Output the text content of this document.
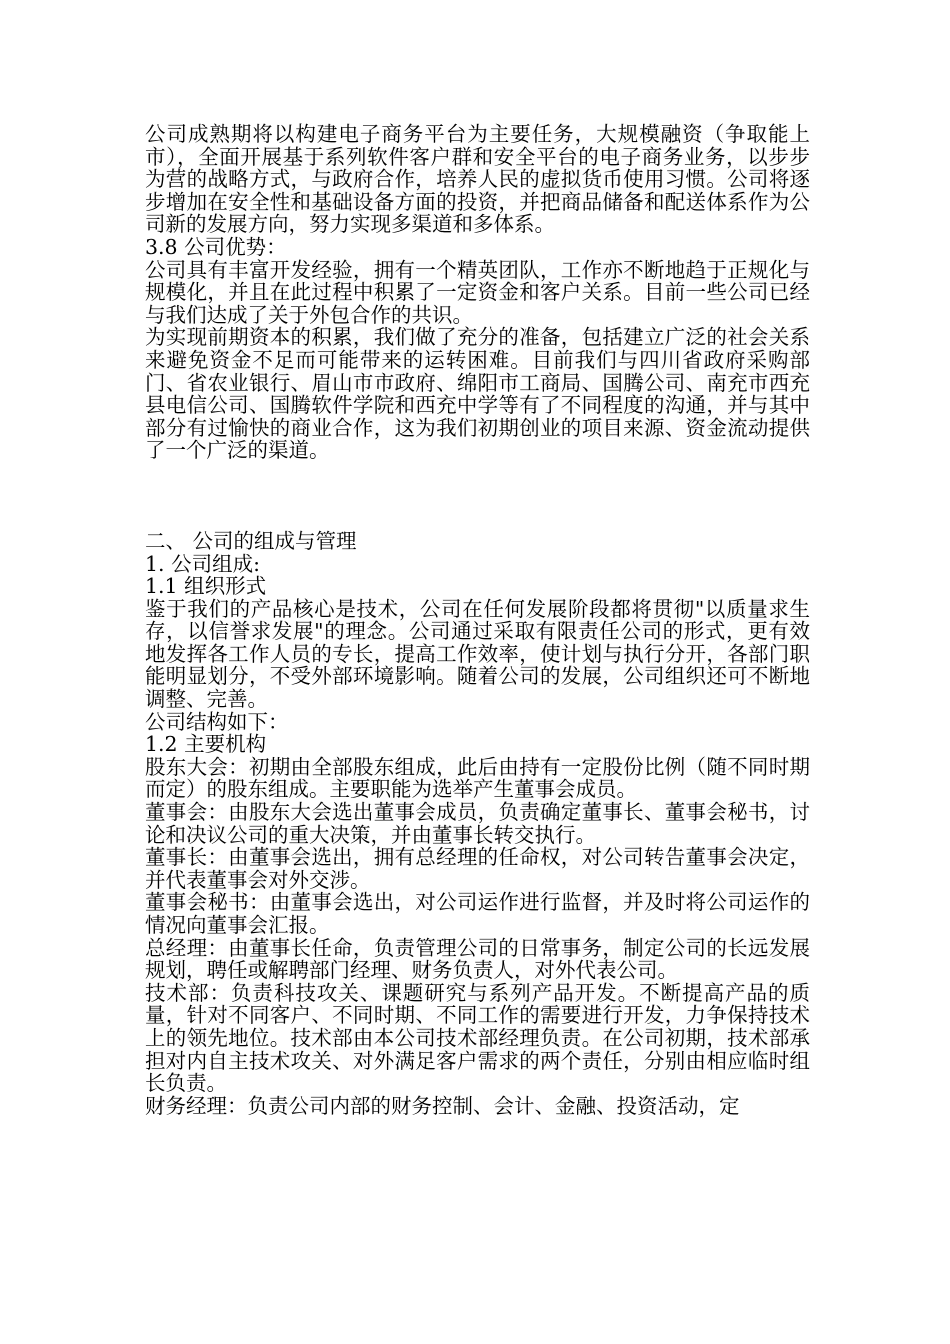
公司成熟期将以构建电子商务平台为主要任务，大规模融资（争取能上市），全面开展基于系列软件客户群和安全平台的电子商务业务，以步步为营的战略方式，与政府合作，培养人民的虚拟货币使用习惯。公司将逐步增加在安全性和基础设备方面的投资，并把商品储备和配送体系作为公司新的发展方向，努力实现多渠道和多体系。

3.8 公司优势：

公司具有丰富开发经验，拥有一个精英团队，工作亦不断地趋于正规化与规模化，并且在此过程中积累了一定资金和客户关系。目前一些公司已经与我们达成了关于外包合作的共识。

为实现前期资本的积累，我们做了充分的准备，包括建立广泛的社会关系来避免资金不足而可能带来的运转困难。目前我们与四川省政府采购部门、省农业银行、眉山市市政府、绵阳市工商局、国腾公司、南充市西充县电信公司、国腾软件学院和西充中学等有了不同程度的沟通，并与其中部分有过愉快的商业合作，这为我们初期创业的项目来源、资金流动提供了一个广泛的渠道。

二、 公司的组成与管理

1. 公司组成:

1.1 组织形式

鉴于我们的产品核心是技术，公司在任何发展阶段都将贯彻"以质量求生存，以信誉求发展"的理念。公司通过采取有限责任公司的形式，更有效地发挥各工作人员的专长，提高工作效率，使计划与执行分开，各部门职能明显划分，不受外部环境影响。随着公司的发展，公司组织还可不断地调整、完善。

公司结构如下：

1.2 主要机构

股东大会：初期由全部股东组成，此后由持有一定股份比例（随不同时期而定）的股东组成。主要职能为选举产生董事会成员。

董事会：由股东大会选出董事会成员，负责确定董事长、董事会秘书，讨论和决议公司的重大决策，并由董事长转交执行。

董事长：由董事会选出，拥有总经理的任命权，对公司转告董事会决定，并代表董事会对外交涉。

董事会秘书：由董事会选出，对公司运作进行监督，并及时将公司运作的情况向董事会汇报。

总经理：由董事长任命，负责管理公司的日常事务，制定公司的长远发展规划，聘任或解聘部门经理、财务负责人，对外代表公司。

技术部：负责科技攻关、课题研究与系列产品开发。不断提高产品的质量，针对不同客户、不同时期、不同工作的需要进行开发，力争保持技术上的领先地位。技术部由本公司技术部经理负责。在公司初期，技术部承担对内自主技术攻关、对外满足客户需求的两个责任，分别由相应临时组长负责。

财务经理：负责公司内部的财务控制、会计、金融、投资活动，定
